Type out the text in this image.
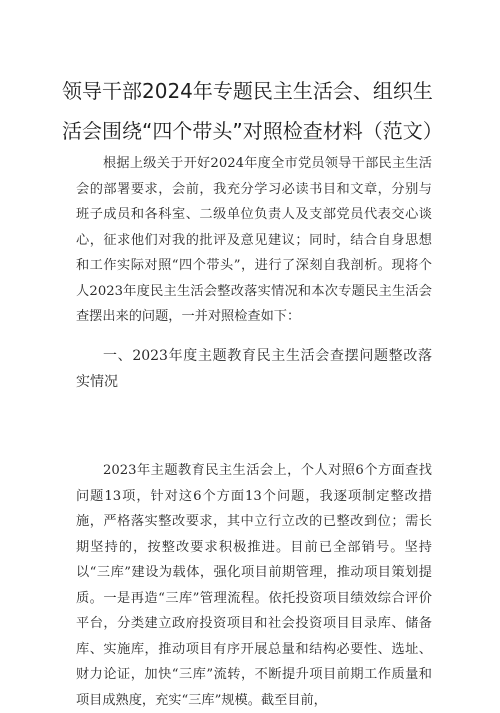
领导干部2024年专题民主生活会、组织生活会围绕“四个带头”对照检查材料（范文）

根据上级关于开好2024年度全市党员领导干部民主生活会的部署要求，会前，我充分学习必读书目和文章，分别与班子成员和各科室、二级单位负责人及支部党员代表交心谈心，征求他们对我的批评及意见建议；同时，结合自身思想和工作实际对照“四个带头”，进行了深刻自我剖析。现将个人2023年度民主生活会整改落实情况和本次专题民主生活会查摆出来的问题，一并对照检查如下：

一、2023年度主题教育民主生活会查摆问题整改落实情况

2023年主题教育民主生活会上，个人对照6个方面查找问题13项，针对这6个方面13个问题，我逐项制定整改措施，严格落实整改要求，其中立行立改的已整改到位；需长期坚持的，按整改要求积极推进。目前已全部销号。坚持以“三库”建设为载体，强化项目前期管理，推动项目策划提质。一是再造“三库”管理流程。依托投资项目绩效综合评价平台，分类建立政府投资项目和社会投资项目目录库、储备库、实施库，推动项目有序开展总量和结构必要性、选址、财力论证，加快“三库”流转，不断提升项目前期工作质量和项目成熟度，充实“三库”规模。截至目前，
